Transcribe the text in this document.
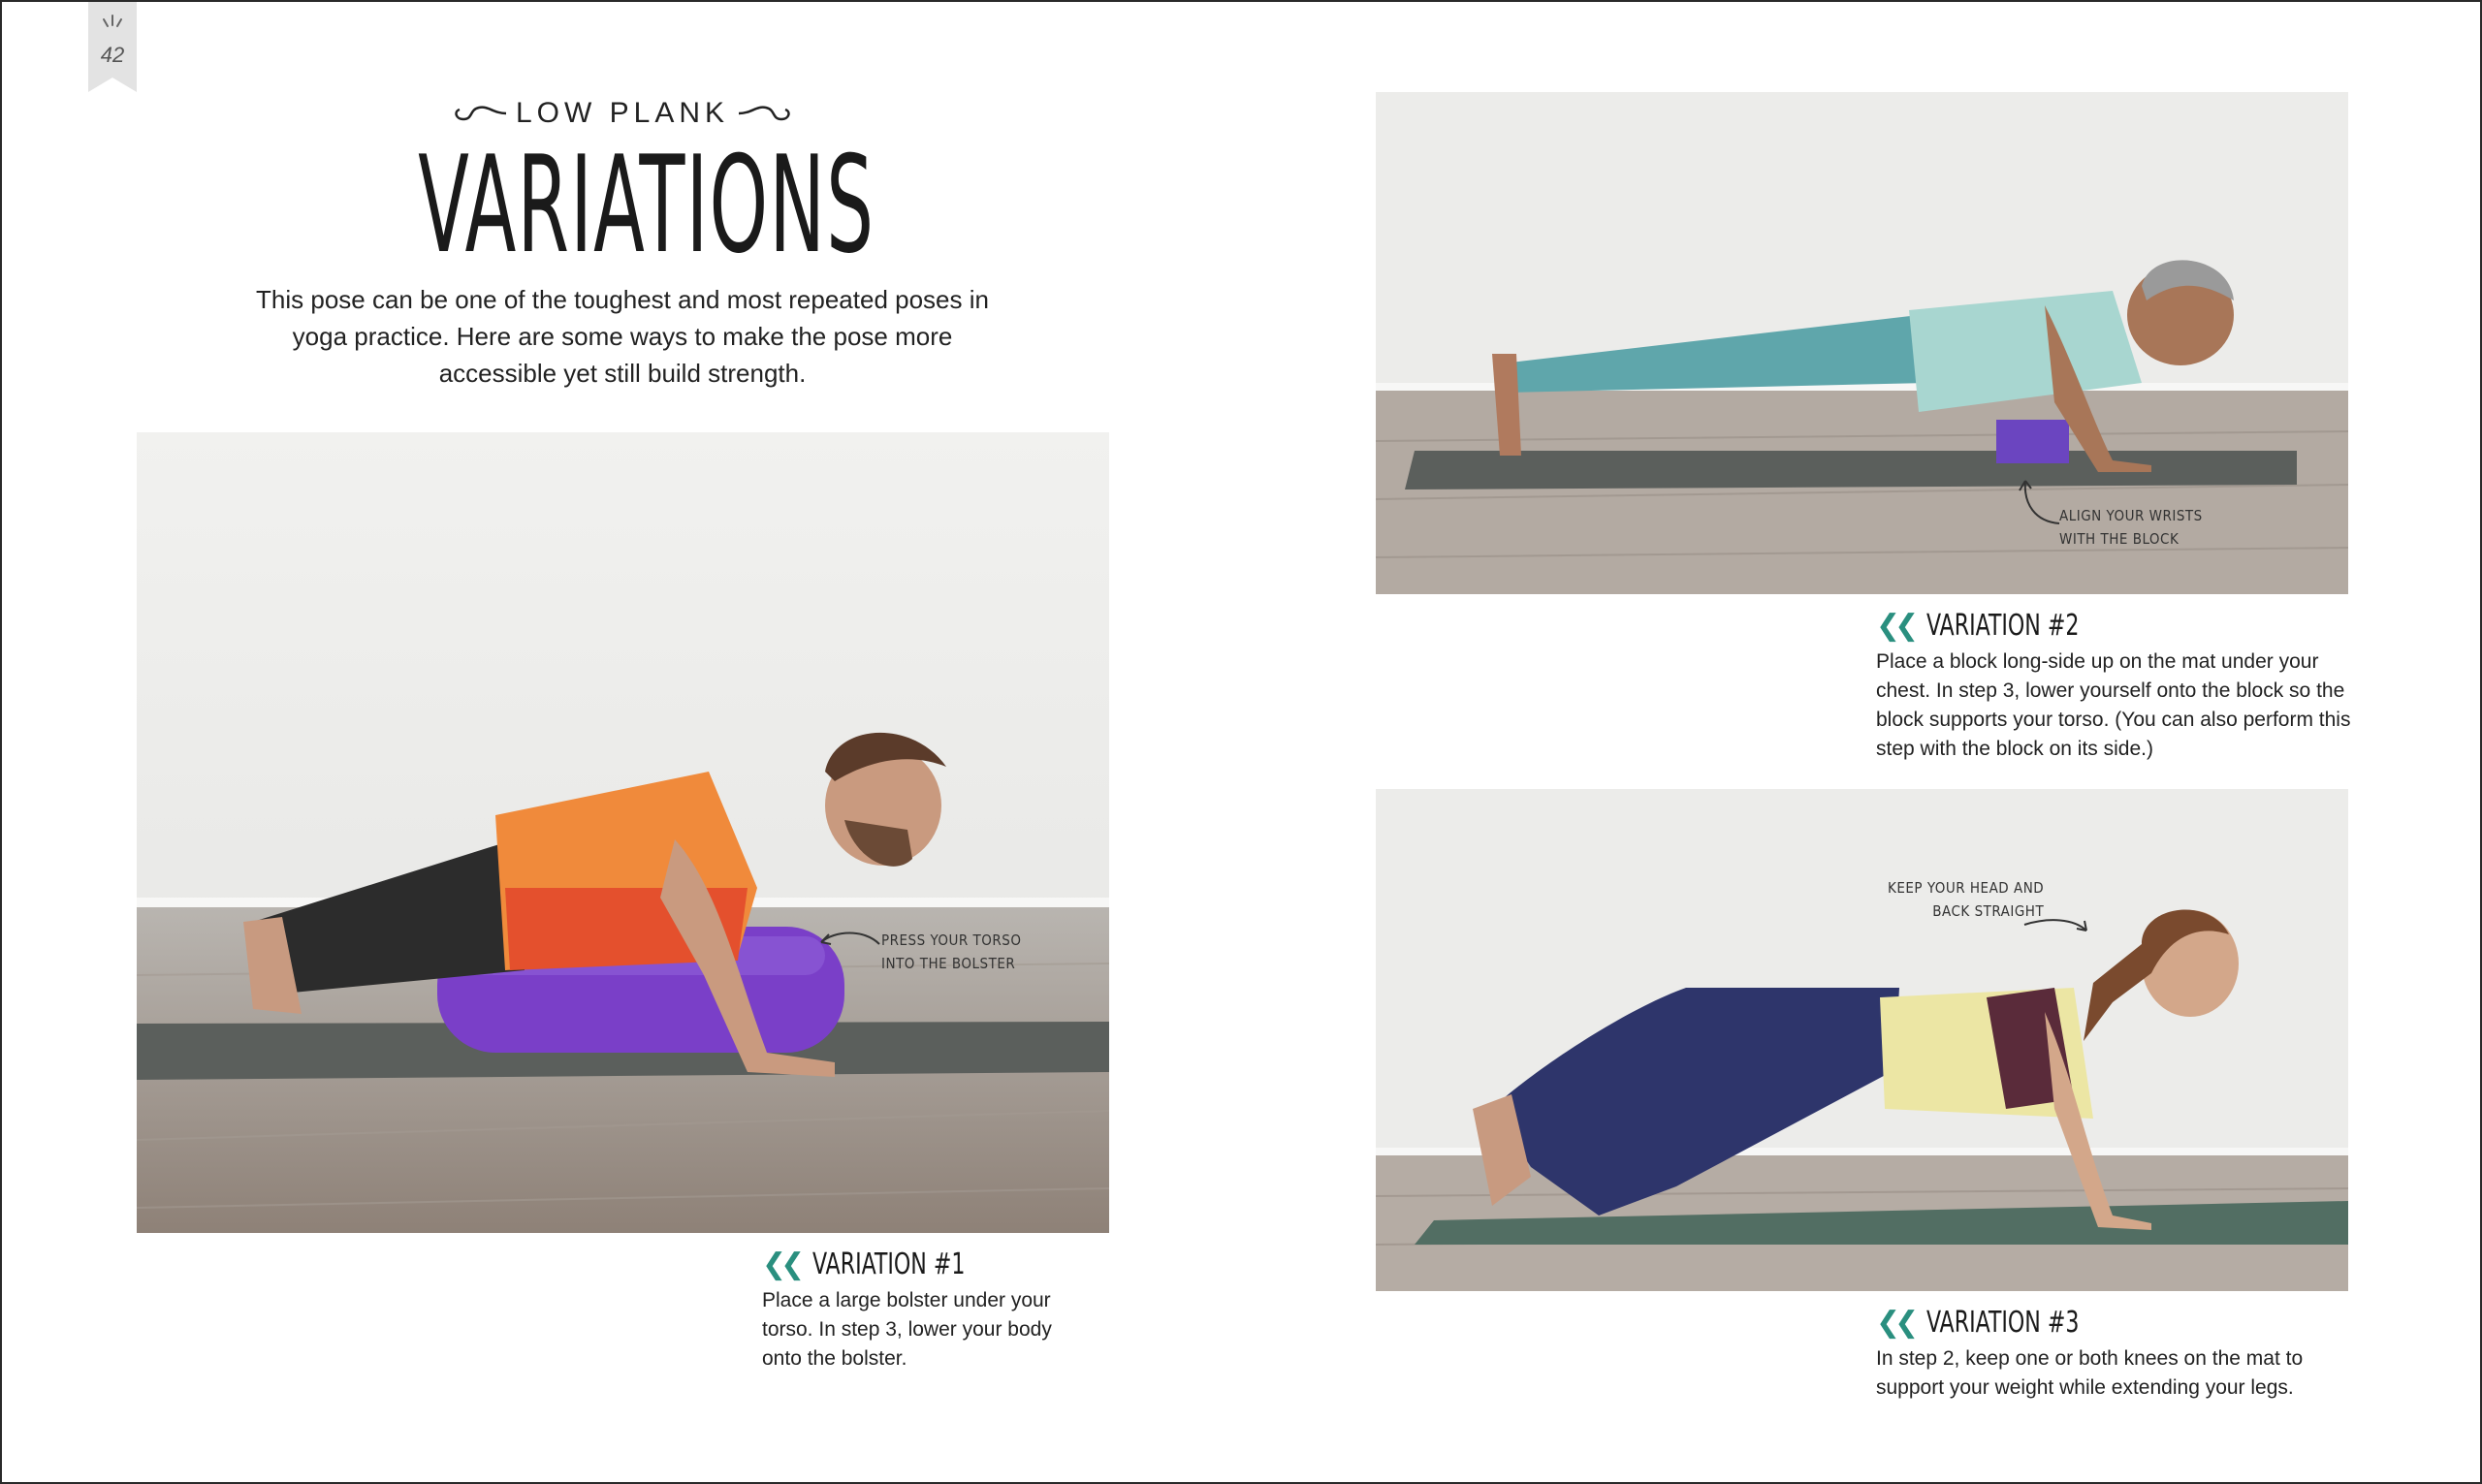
42
LOW PLANK
VARIATIONS
This pose can be one of the toughest and most repeated poses in yoga practice. Here are some ways to make the pose more accessible yet still build strength.
PRESS YOUR TORSO
INTO THE BOLSTER
ALIGN YOUR WRISTS
WITH THE BLOCK
KEEP YOUR HEAD AND
BACK STRAIGHT
❮❮ VARIATION #1
Place a large bolster under your torso. In step 3, lower your body onto the bolster.
❮❮ VARIATION #2
Place a block long-side up on the mat under your chest. In step 3, lower yourself onto the block so the block supports your torso. (You can also perform this step with the block on its side.)
❮❮ VARIATION #3
In step 2, keep one or both knees on the mat to support your weight while extending your legs.
